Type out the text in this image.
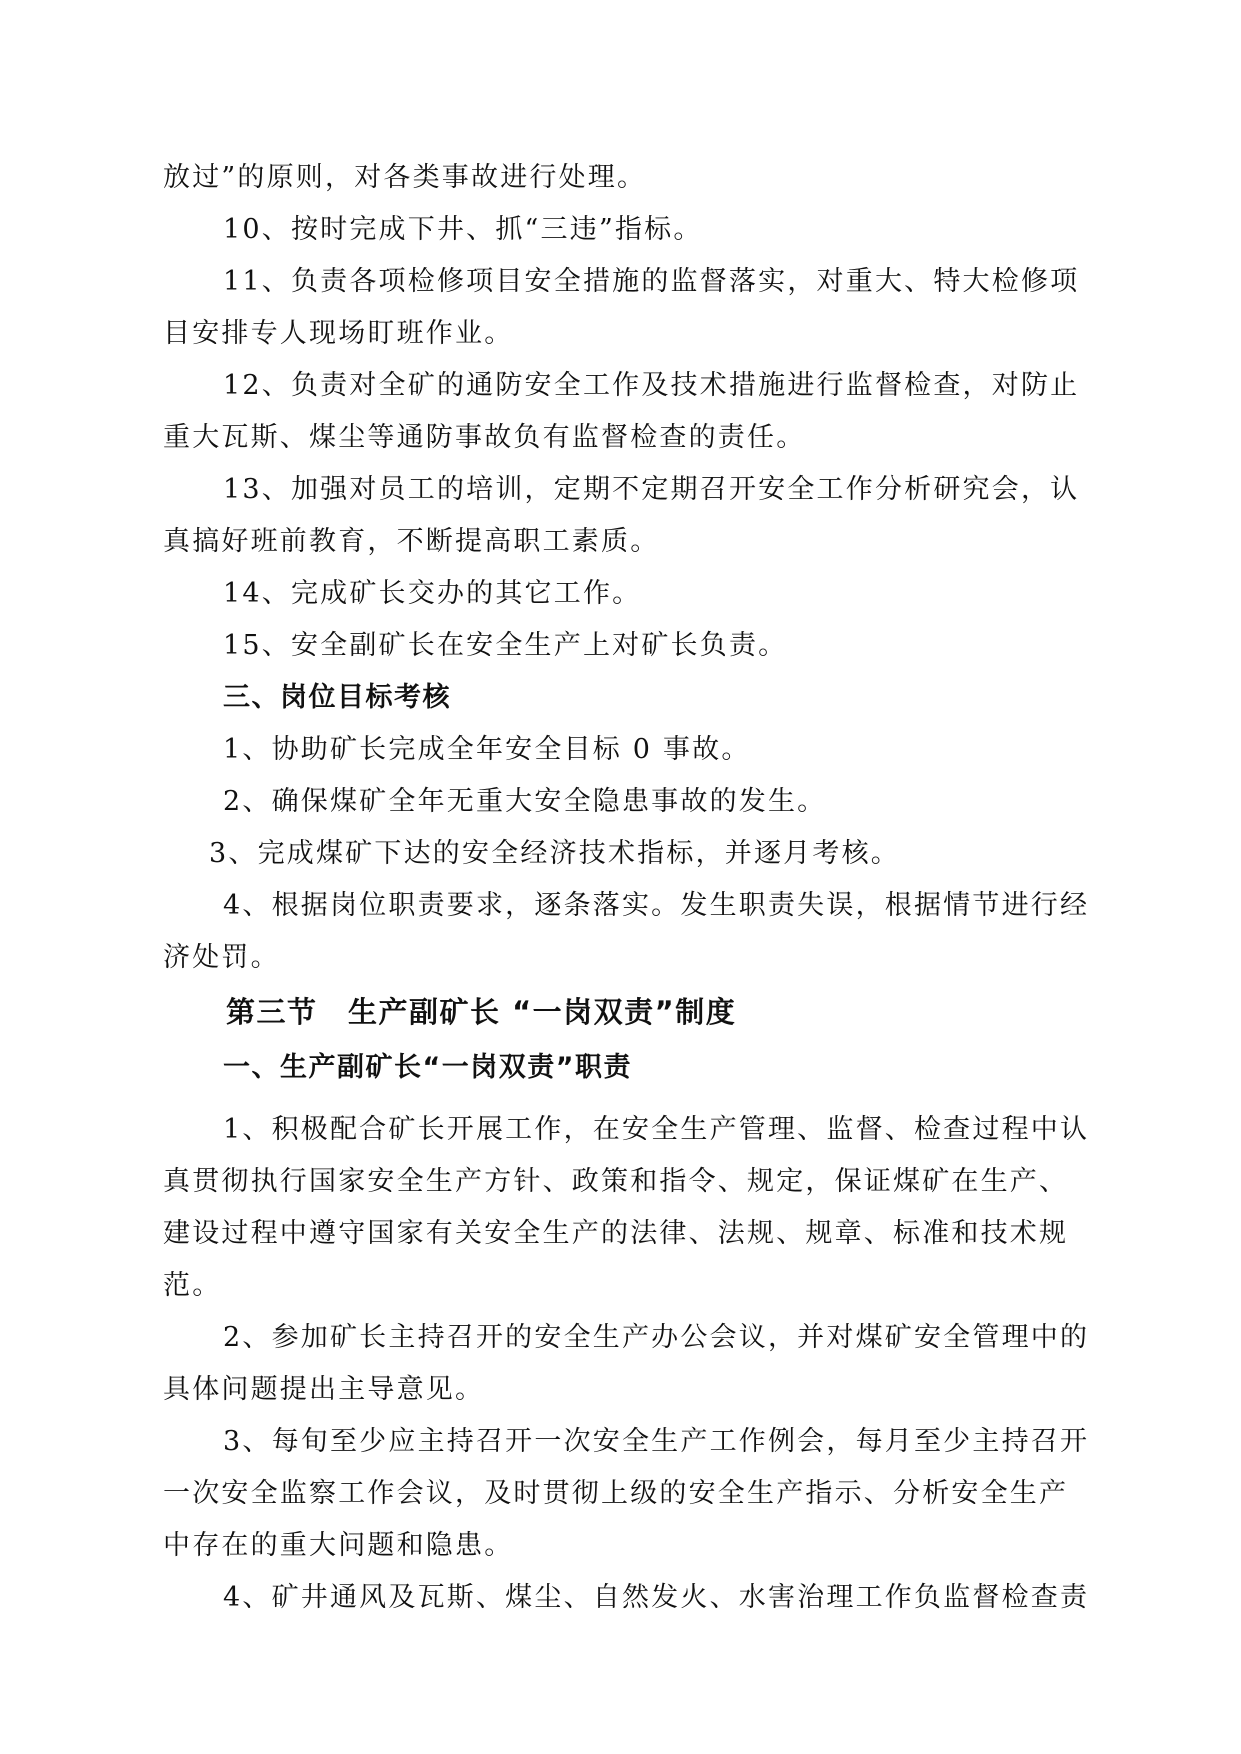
放过”的原则，对各类事故进行处理。
10、按时完成下井、抓“三违”指标。
11、负责各项检修项目安全措施的监督落实，对重大、特大检修项
目安排专人现场盯班作业。
12、负责对全矿的通防安全工作及技术措施进行监督检查，对防止
重大瓦斯、煤尘等通防事故负有监督检查的责任。
13、加强对员工的培训，定期不定期召开安全工作分析研究会，认
真搞好班前教育，不断提高职工素质。
14、完成矿长交办的其它工作。
15、安全副矿长在安全生产上对矿长负责。
三、岗位目标考核
1、协助矿长完成全年安全目标 0 事故。
2、确保煤矿全年无重大安全隐患事故的发生。
3、完成煤矿下达的安全经济技术指标，并逐月考核。
4、根据岗位职责要求，逐条落实。发生职责失误，根据情节进行经
济处罚。
第三节　生产副矿长 “一岗双责”制度
一、生产副矿长“一岗双责”职责
1、积极配合矿长开展工作，在安全生产管理、监督、检查过程中认
真贯彻执行国家安全生产方针、政策和指令、规定，保证煤矿在生产、
建设过程中遵守国家有关安全生产的法律、法规、规章、标准和技术规
范。
2、参加矿长主持召开的安全生产办公会议，并对煤矿安全管理中的
具体问题提出主导意见。
3、每旬至少应主持召开一次安全生产工作例会，每月至少主持召开
一次安全监察工作会议，及时贯彻上级的安全生产指示、分析安全生产
中存在的重大问题和隐患。
4、矿井通风及瓦斯、煤尘、自然发火、水害治理工作负监督检查责
